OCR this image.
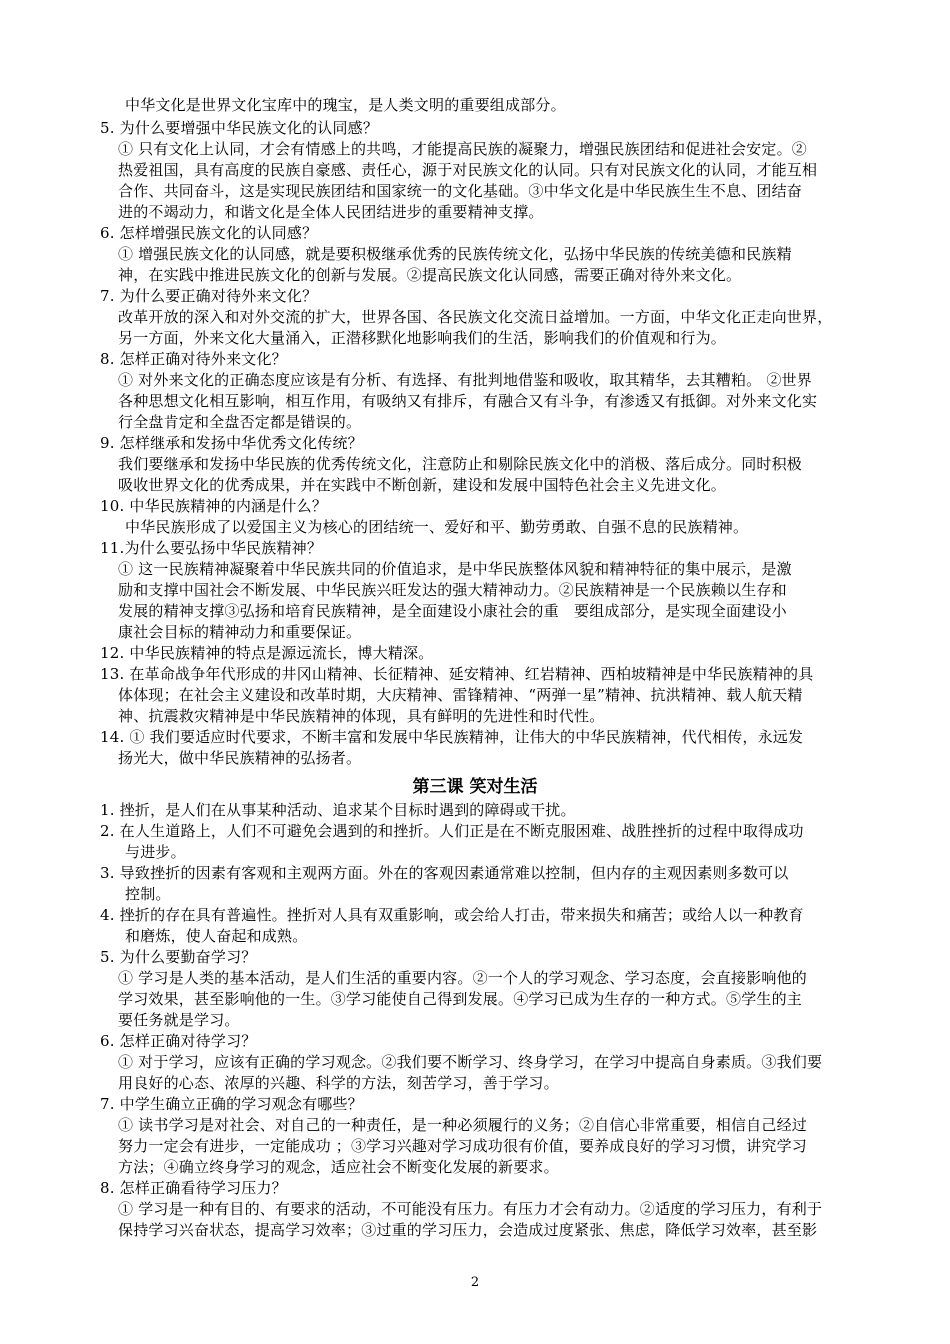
中华文化是世界文化宝库中的瑰宝，是人类文明的重要组成部分。
5. 为什么要增强中华民族文化的认同感？
① 只有文化上认同，才会有情感上的共鸣，才能提高民族的凝聚力，增强民族团结和促进社会安定。②
热爱祖国，具有高度的民族自豪感、责任心，源于对民族文化的认同。只有对民族文化的认同，才能互相
合作、共同奋斗，这是实现民族团结和国家统一的文化基础。③中华文化是中华民族生生不息、团结奋
进的不竭动力，和谐文化是全体人民团结进步的重要精神支撑。
6. 怎样增强民族文化的认同感？
① 增强民族文化的认同感，就是要积极继承优秀的民族传统文化，弘扬中华民族的传统美德和民族精
神，在实践中推进民族文化的创新与发展。②提高民族文化认同感，需要正确对待外来文化。
7. 为什么要正确对待外来文化？
改革开放的深入和对外交流的扩大，世界各国、各民族文化交流日益增加。一方面，中华文化正走向世界，
另一方面，外来文化大量涌入，正潜移默化地影响我们的生活，影响我们的价值观和行为。
8. 怎样正确对待外来文化？
① 对外来文化的正确态度应该是有分析、有选择、有批判地借鉴和吸收，取其精华，去其糟粕。 ②世界
各种思想文化相互影响，相互作用，有吸纳又有排斥，有融合又有斗争，有渗透又有抵御。对外来文化实
行全盘肯定和全盘否定都是错误的。
9. 怎样继承和发扬中华优秀文化传统？
我们要继承和发扬中华民族的优秀传统文化，注意防止和剔除民族文化中的消极、落后成分。同时积极
吸收世界文化的优秀成果，并在实践中不断创新，建设和发展中国特色社会主义先进文化。
10. 中华民族精神的内涵是什么？
中华民族形成了以爱国主义为核心的团结统一、爱好和平、勤劳勇敢、自强不息的民族精神。
11.为什么要弘扬中华民族精神？
① 这一民族精神凝聚着中华民族共同的价值追求，是中华民族整体风貌和精神特征的集中展示，是激
励和支撑中国社会不断发展、中华民族兴旺发达的强大精神动力。②民族精神是一个民族赖以生存和
发展的精神支撑③弘扬和培育民族精神，是全面建设小康社会的重　要组成部分，是实现全面建设小
康社会目标的精神动力和重要保证。
12. 中华民族精神的特点是源远流长，博大精深。
13. 在革命战争年代形成的井冈山精神、长征精神、延安精神、红岩精神、西柏坡精神是中华民族精神的具
体体现；在社会主义建设和改革时期，大庆精神、雷锋精神、“两弹一星”精神、抗洪精神、载人航天精
神、抗震救灾精神是中华民族精神的体现，具有鲜明的先进性和时代性。
14. ① 我们要适应时代要求，不断丰富和发展中华民族精神，让伟大的中华民族精神，代代相传，永远发
扬光大，做中华民族精神的弘扬者。
第三课 笑对生活
1. 挫折，是人们在从事某种活动、追求某个目标时遇到的障碍或干扰。
2. 在人生道路上，人们不可避免会遇到的和挫折。人们正是在不断克服困难、战胜挫折的过程中取得成功
与进步。
3. 导致挫折的因素有客观和主观两方面。外在的客观因素通常难以控制，但内存的主观因素则多数可以
控制。
4. 挫折的存在具有普遍性。挫折对人具有双重影响，或会给人打击，带来损失和痛苦；或给人以一种教育
和磨炼，使人奋起和成熟。
5. 为什么要勤奋学习？
① 学习是人类的基本活动，是人们生活的重要内容。②一个人的学习观念、学习态度，会直接影响他的
学习效果，甚至影响他的一生。③学习能使自己得到发展。④学习已成为生存的一种方式。⑤学生的主
要任务就是学习。
6. 怎样正确对待学习？
① 对于学习，应该有正确的学习观念。②我们要不断学习、终身学习，在学习中提高自身素质。③我们要
用良好的心态、浓厚的兴趣、科学的方法，刻苦学习，善于学习。
7. 中学生确立正确的学习观念有哪些？
① 读书学习是对社会、对自己的一种责任，是一种必须履行的义务；②自信心非常重要，相信自己经过
努力一定会有进步，一定能成功 ；③学习兴趣对学习成功很有价值，要养成良好的学习习惯，讲究学习
方法；④确立终身学习的观念，适应社会不断变化发展的新要求。
8. 怎样正确看待学习压力？
① 学习是一种有目的、有要求的活动，不可能没有压力。有压力才会有动力。②适度的学习压力，有利于
保持学习兴奋状态，提高学习效率；③过重的学习压力，会造成过度紧张、焦虑，降低学习效率，甚至影
2
